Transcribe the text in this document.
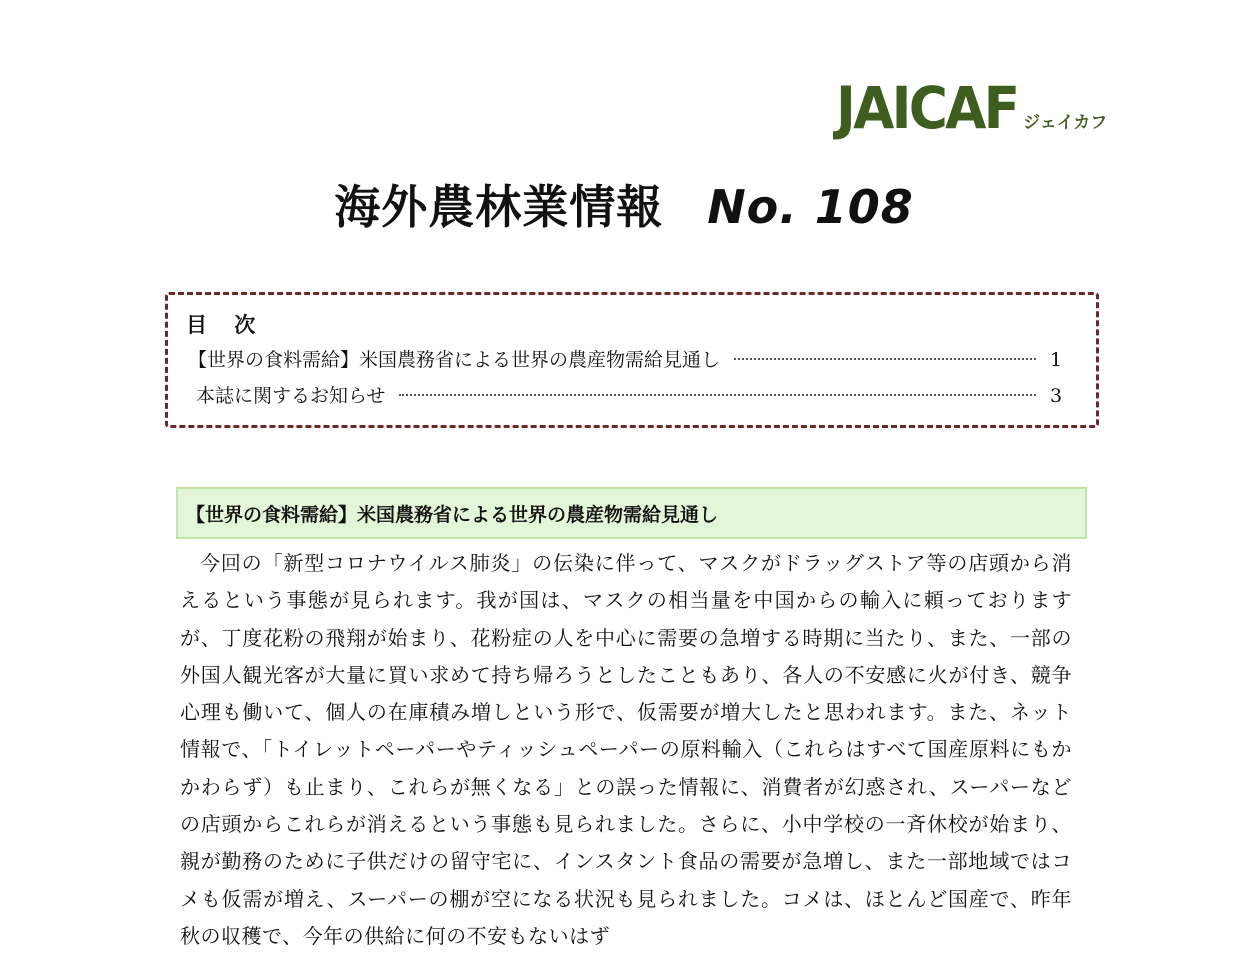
JAICAF ジェイカフ
海外農林業情報 No. 108
目 次
【世界の食料需給】米国農務省による世界の農産物需給見通し	1
本誌に関するお知らせ	3
【世界の食料需給】米国農務省による世界の農産物需給見通し
今回の「新型コロナウイルス肺炎」の伝染に伴って、マスクがドラッグストア等の店頭から消えるという事態が見られます。我が国は、マスクの相当量を中国からの輸入に頼っておりますが、丁度花粉の飛翔が始まり、花粉症の人を中心に需要の急増する時期に当たり、また、一部の外国人観光客が大量に買い求めて持ち帰ろうとしたこともあり、各人の不安感に火が付き、競争心理も働いて、個人の在庫積み増しという形で、仮需要が増大したと思われます。また、ネット情報で、「トイレットペーパーやティッシュペーパーの原料輸入（これらはすべて国産原料にもかかわらず）も止まり、これらが無くなる」との誤った情報に、消費者が幻惑され、スーパーなどの店頭からこれらが消えるという事態も見られました。さらに、小中学校の一斉休校が始まり、親が勤務のために子供だけの留守宅に、インスタント食品の需要が急増し、また一部地域ではコメも仮需が増え、スーパーの棚が空になる状況も見られました。コメは、ほとんど国産で、昨年秋の収穫で、今年の供給に何の不安もないはず
